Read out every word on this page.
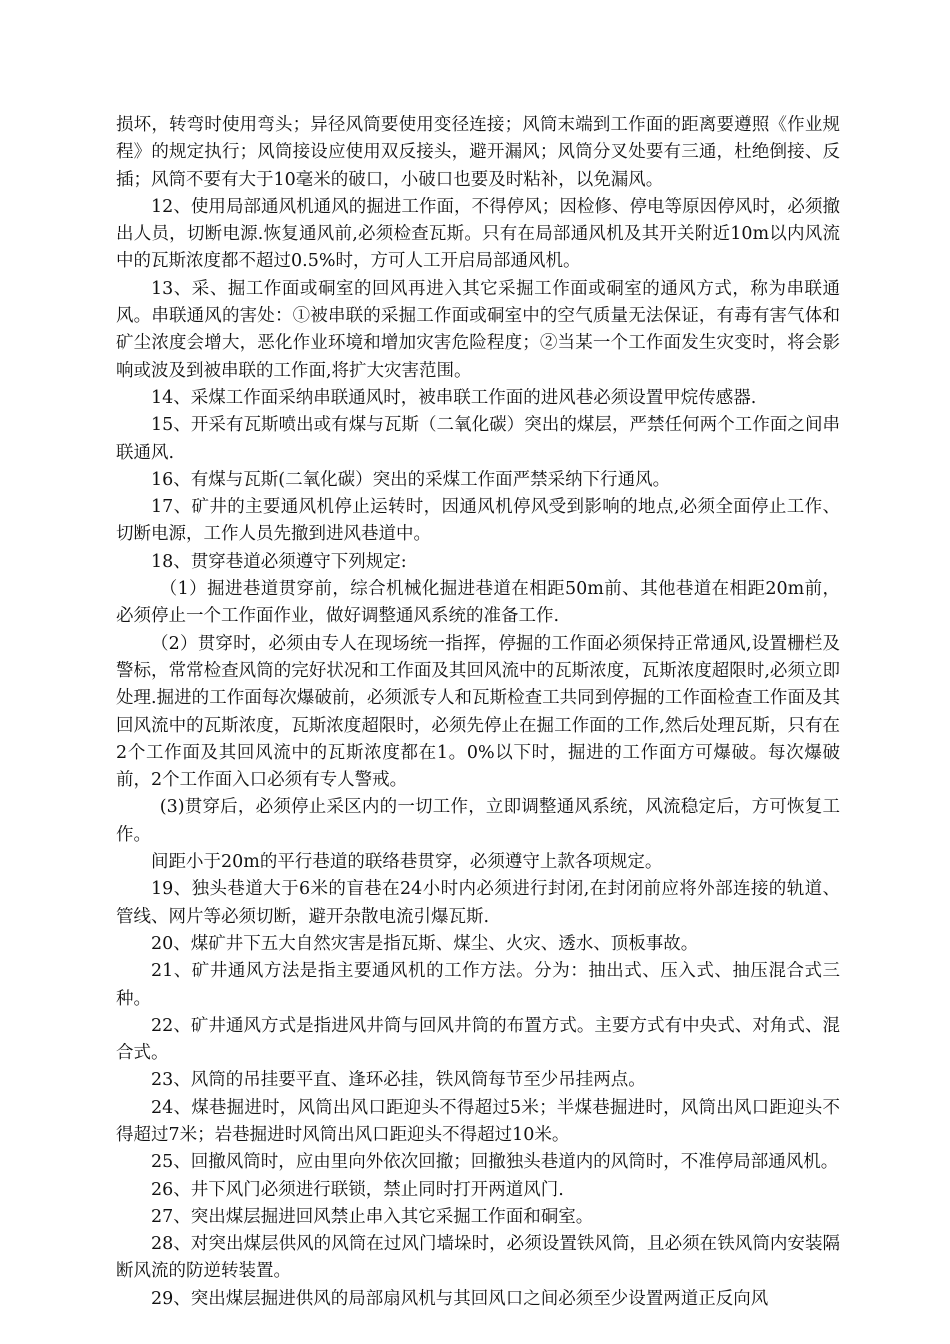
损坏，转弯时使用弯头；异径风筒要使用变径连接；风筒末端到工作面的距离要遵照《作业规程》的规定执行；风筒接设应使用双反接头，避开漏风；风筒分叉处要有三通，杜绝倒接、反插；风筒不要有大于10毫米的破口，小破口也要及时粘补，以免漏风。

12、使用局部通风机通风的掘进工作面，不得停风；因检修、停电等原因停风时，必须撤出人员，切断电源.恢复通风前,必须检查瓦斯。只有在局部通风机及其开关附近10m以内风流中的瓦斯浓度都不超过0.5%时，方可人工开启局部通风机。

13、采、掘工作面或硐室的回风再进入其它采掘工作面或硐室的通风方式，称为串联通风。串联通风的害处：①被串联的采掘工作面或硐室中的空气质量无法保证，有毒有害气体和矿尘浓度会增大，恶化作业环境和增加灾害危险程度；②当某一个工作面发生灾变时，将会影响或波及到被串联的工作面,将扩大灾害范围。

14、采煤工作面采纳串联通风时，被串联工作面的进风巷必须设置甲烷传感器.

15、开采有瓦斯喷出或有煤与瓦斯（二氧化碳）突出的煤层，严禁任何两个工作面之间串联通风.

16、有煤与瓦斯(二氧化碳）突出的采煤工作面严禁采纳下行通风。

17、矿井的主要通风机停止运转时，因通风机停风受到影响的地点,必须全面停止工作、切断电源，工作人员先撤到进风巷道中。

18、贯穿巷道必须遵守下列规定:

（1）掘进巷道贯穿前，综合机械化掘进巷道在相距50m前、其他巷道在相距20m前，必须停止一个工作面作业，做好调整通风系统的准备工作.

（2）贯穿时，必须由专人在现场统一指挥，停掘的工作面必须保持正常通风,设置栅栏及警标，常常检查风筒的完好状况和工作面及其回风流中的瓦斯浓度，瓦斯浓度超限时,必须立即处理.掘进的工作面每次爆破前，必须派专人和瓦斯检查工共同到停掘的工作面检查工作面及其回风流中的瓦斯浓度，瓦斯浓度超限时，必须先停止在掘工作面的工作,然后处理瓦斯，只有在2个工作面及其回风流中的瓦斯浓度都在1。0%以下时，掘进的工作面方可爆破。每次爆破前，2个工作面入口必须有专人警戒。

(3)贯穿后，必须停止采区内的一切工作，立即调整通风系统，风流稳定后，方可恢复工作。

间距小于20m的平行巷道的联络巷贯穿，必须遵守上款各项规定。

19、独头巷道大于6米的盲巷在24小时内必须进行封闭,在封闭前应将外部连接的轨道、管线、网片等必须切断，避开杂散电流引爆瓦斯.

20、煤矿井下五大自然灾害是指瓦斯、煤尘、火灾、透水、顶板事故。

21、矿井通风方法是指主要通风机的工作方法。分为：抽出式、压入式、抽压混合式三种。

22、矿井通风方式是指进风井筒与回风井筒的布置方式。主要方式有中央式、对角式、混合式。

23、风筒的吊挂要平直、逢环必挂，铁风筒每节至少吊挂两点。

24、煤巷掘进时，风筒出风口距迎头不得超过5米；半煤巷掘进时，风筒出风口距迎头不得超过7米；岩巷掘进时风筒出风口距迎头不得超过10米。

25、回撤风筒时，应由里向外依次回撤；回撤独头巷道内的风筒时，不准停局部通风机。

26、井下风门必须进行联锁，禁止同时打开两道风门.

27、突出煤层掘进回风禁止串入其它采掘工作面和硐室。

28、对突出煤层供风的风筒在过风门墙垛时，必须设置铁风筒，且必须在铁风筒内安装隔断风流的防逆转装置。

29、突出煤层掘进供风的局部扇风机与其回风口之间必须至少设置两道正反向风
